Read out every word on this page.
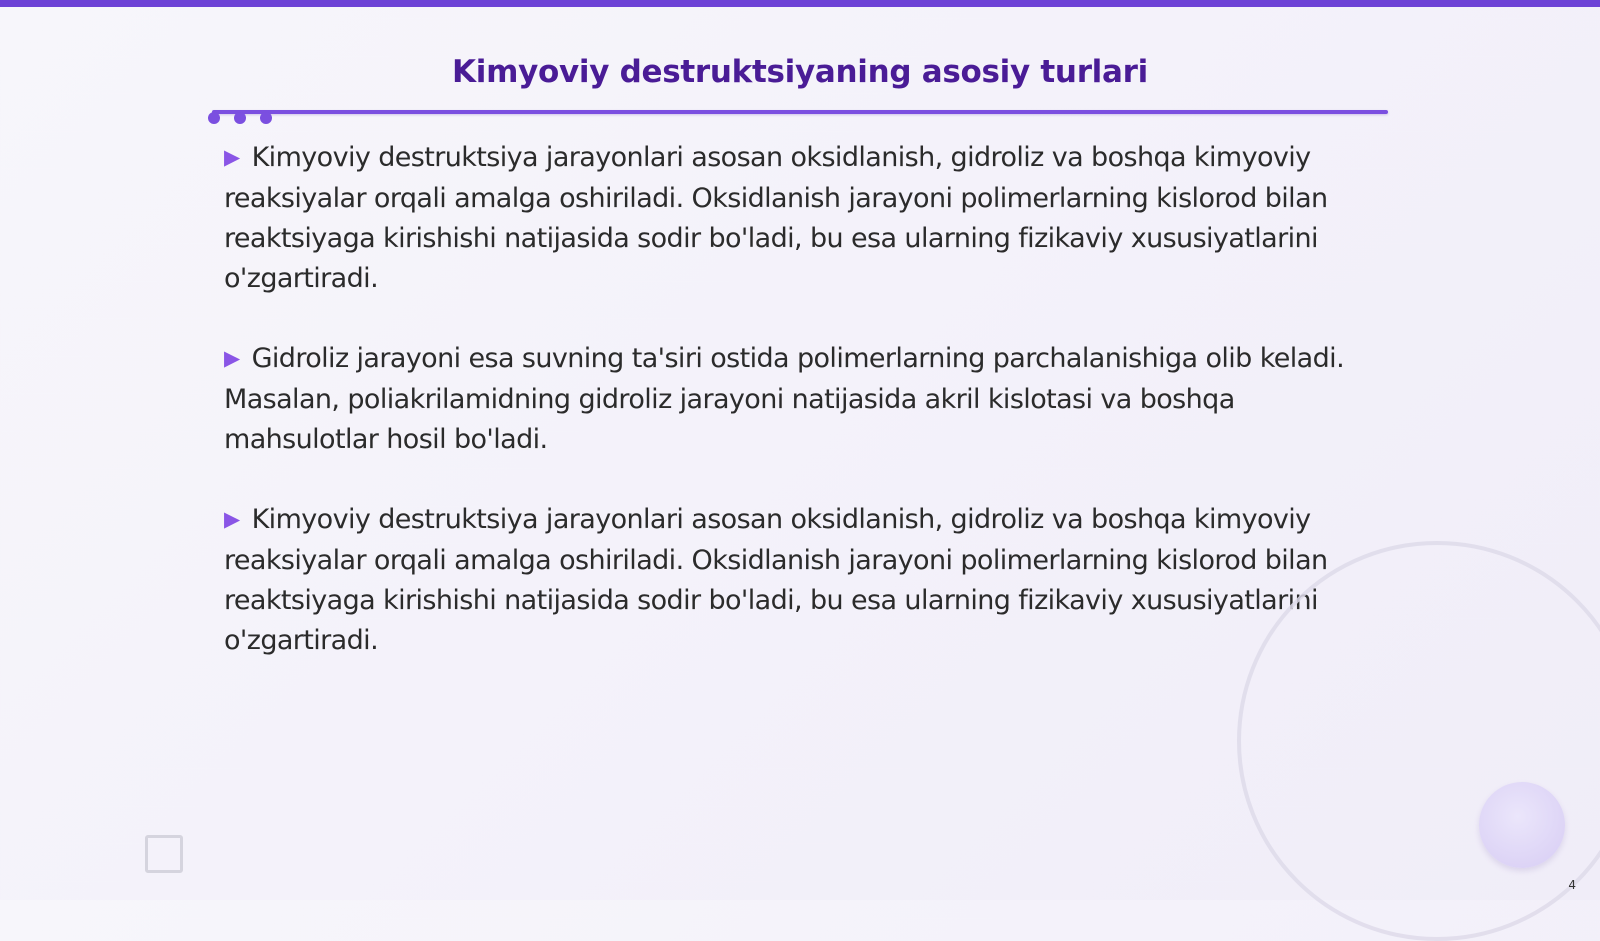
Kimyoviy destruktsiyaning asosiy turlari

▶ Kimyoviy destruktsiya jarayonlari asosan oksidlanish, gidroliz va boshqa kimyoviy reaksiyalar orqali amalga oshiriladi. Oksidlanish jarayoni polimerlarning kislorod bilan reaktsiyaga kirishishi natijasida sodir bo'ladi, bu esa ularning fizikaviy xususiyatlarini o'zgartiradi.

▶ Gidroliz jarayoni esa suvning ta'siri ostida polimerlarning parchalanishiga olib keladi. Masalan, poliakrilamidning gidroliz jarayoni natijasida akril kislotasi va boshqa mahsulotlar hosil bo'ladi.

▶ Kimyoviy destruktsiya jarayonlari asosan oksidlanish, gidroliz va boshqa kimyoviy reaksiyalar orqali amalga oshiriladi. Oksidlanish jarayoni polimerlarning kislorod bilan reaktsiyaga kirishishi natijasida sodir bo'ladi, bu esa ularning fizikaviy xususiyatlarini o'zgartiradi.

4
